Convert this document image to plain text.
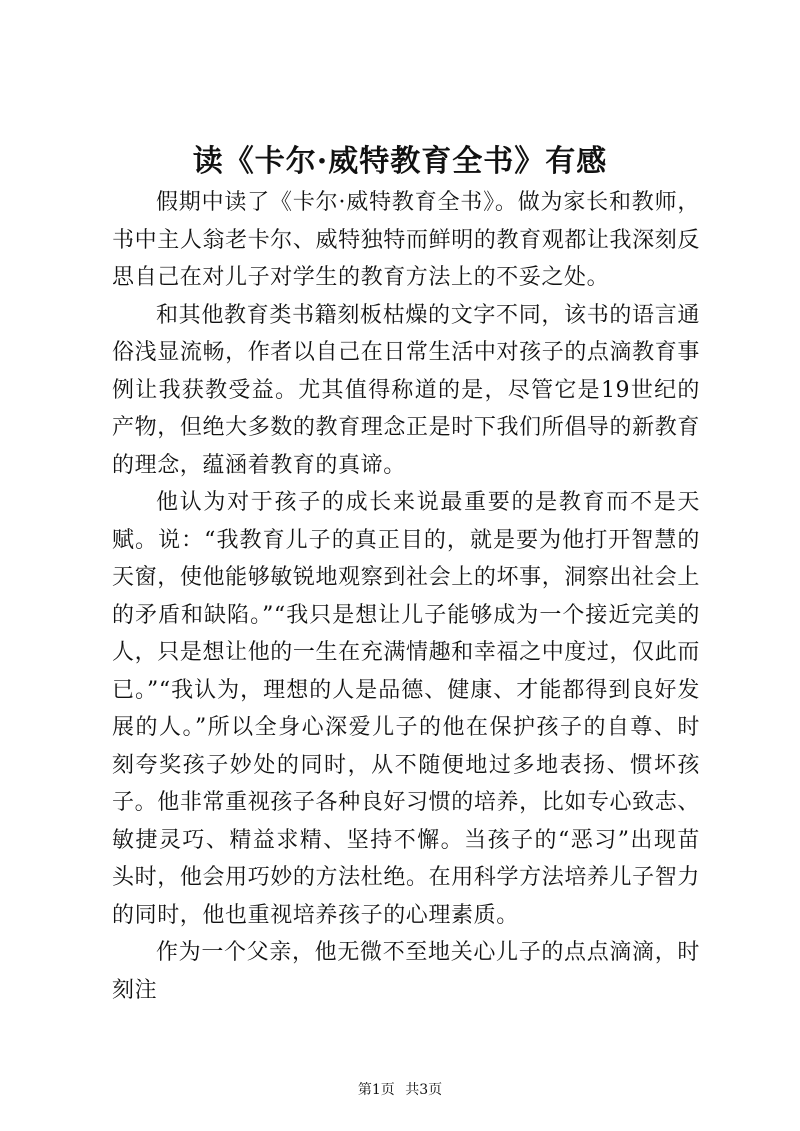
读《卡尔·威特教育全书》有感

假期中读了《卡尔·威特教育全书》。做为家长和教师，书中主人翁老卡尔、威特独特而鲜明的教育观都让我深刻反思自己在对儿子对学生的教育方法上的不妥之处。

和其他教育类书籍刻板枯燥的文字不同，该书的语言通俗浅显流畅，作者以自己在日常生活中对孩子的点滴教育事例让我获教受益。尤其值得称道的是，尽管它是19世纪的产物，但绝大多数的教育理念正是时下我们所倡导的新教育的理念，蕴涵着教育的真谛。

他认为对于孩子的成长来说最重要的是教育而不是天赋。说：“我教育儿子的真正目的，就是要为他打开智慧的天窗，使他能够敏锐地观察到社会上的坏事，洞察出社会上的矛盾和缺陷。”“我只是想让儿子能够成为一个接近完美的人，只是想让他的一生在充满情趣和幸福之中度过，仅此而已。”“我认为，理想的人是品德、健康、才能都得到良好发展的人。”所以全身心深爱儿子的他在保护孩子的自尊、时刻夸奖孩子妙处的同时，从不随便地过多地表扬、惯坏孩子。他非常重视孩子各种良好习惯的培养，比如专心致志、敏捷灵巧、精益求精、坚持不懈。当孩子的“恶习”出现苗头时，他会用巧妙的方法杜绝。在用科学方法培养儿子智力的同时，他也重视培养孩子的心理素质。

作为一个父亲，他无微不至地关心儿子的点点滴滴，时刻注

第1页 共3页
